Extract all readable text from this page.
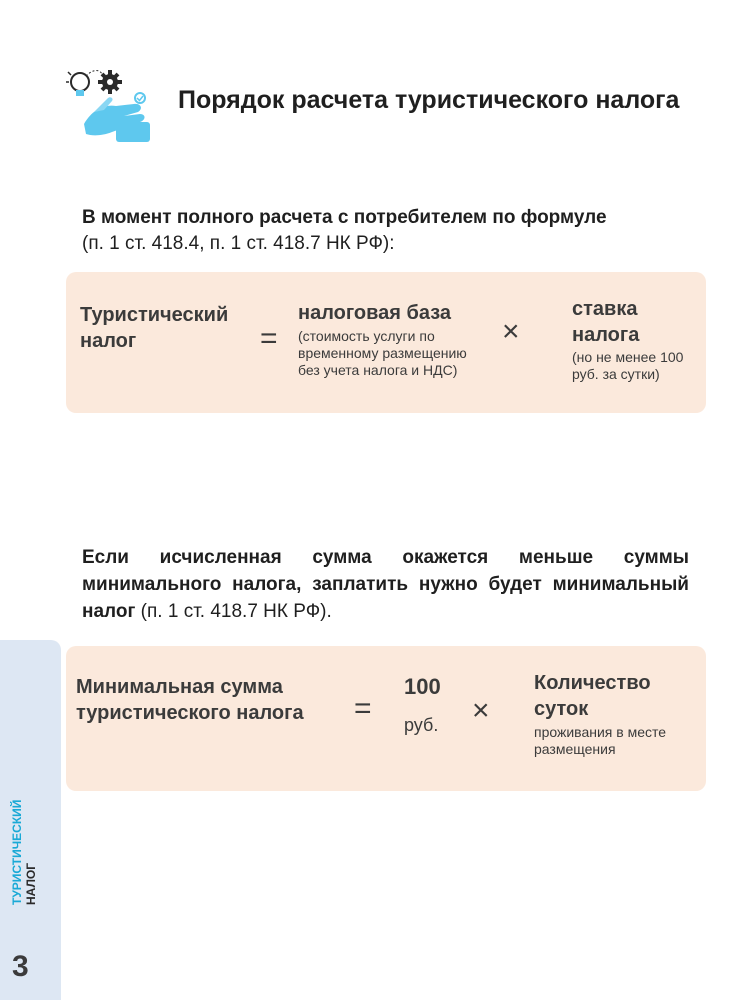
Порядок расчета туристического налога
В момент полного расчета с потребителем по формуле
(п. 1 ст. 418.4, п. 1 ст. 418.7 НК РФ):
Туристический
налог	=
налоговая база
(стоимость услуги по
временному размещению
без учета налога и НДС)
×
ставка
налога
(но не менее 100
руб. за сутки)
Если исчисленная сумма окажется меньше суммы минимального налога, заплатить нужно будет минимальный налог (п. 1 ст. 418.7 НК РФ).
Минимальная сумма
туристического налога =
100
руб. ×
Количество
суток
проживания в месте
размещения
ТУРИСТИЧЕСКИЙ НАЛОГ
3
